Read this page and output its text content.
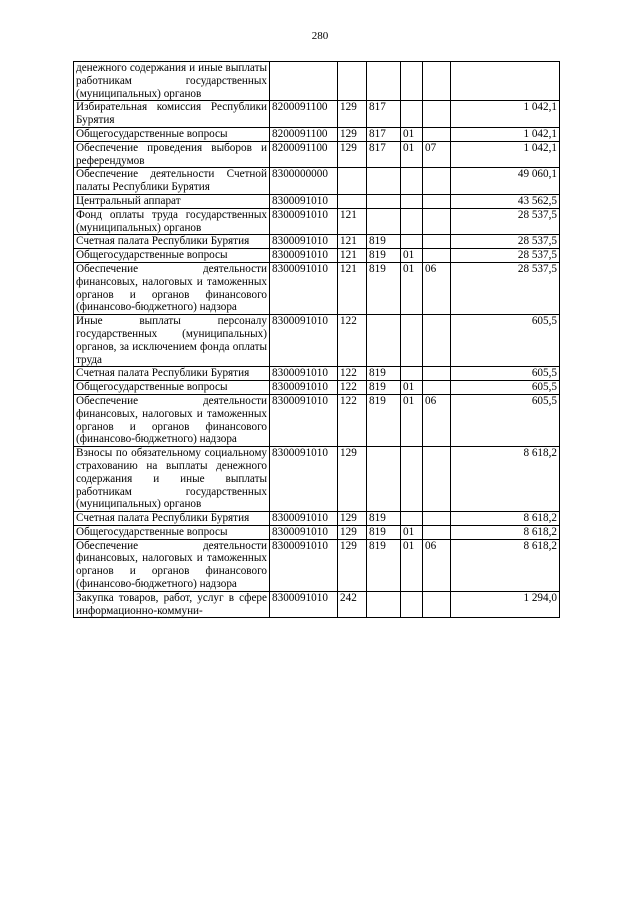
280
денежного содержания и иные выплаты работникам государственных (муниципальных) органов						
Избирательная комиссия Республики Бурятия	8200091100	129	817			1 042,1
Общегосударственные вопросы	8200091100	129	817	01		1 042,1
Обеспечение проведения выборов и референдумов	8200091100	129	817	01	07	1 042,1
Обеспечение деятельности Счетной палаты Республики Бурятия	8300000000					49 060,1
Центральный аппарат	8300091010					43 562,5
Фонд оплаты труда государственных (муниципальных) органов	8300091010	121				28 537,5
Счетная палата Республики Бурятия	8300091010	121	819			28 537,5
Общегосударственные вопросы	8300091010	121	819	01		28 537,5
Обеспечение деятельности финансовых, налоговых и таможенных органов и органов финансового (финансово-бюджетного) надзора	8300091010	121	819	01	06	28 537,5
Иные выплаты персоналу государственных (муниципальных) органов, за исключением фонда оплаты труда	8300091010	122				605,5
Счетная палата Республики Бурятия	8300091010	122	819			605,5
Общегосударственные вопросы	8300091010	122	819	01		605,5
Обеспечение деятельности финансовых, налоговых и таможенных органов и органов финансового (финансово-бюджетного) надзора	8300091010	122	819	01	06	605,5
Взносы по обязательному социальному страхованию на выплаты денежного содержания и иные выплаты работникам государственных (муниципальных) органов	8300091010	129				8 618,2
Счетная палата Республики Бурятия	8300091010	129	819			8 618,2
Общегосударственные вопросы	8300091010	129	819	01		8 618,2
Обеспечение деятельности финансовых, налоговых и таможенных органов и органов финансового (финансово-бюджетного) надзора	8300091010	129	819	01	06	8 618,2
Закупка товаров, работ, услуг в сфере информационно-коммуни-	8300091010	242				1 294,0
